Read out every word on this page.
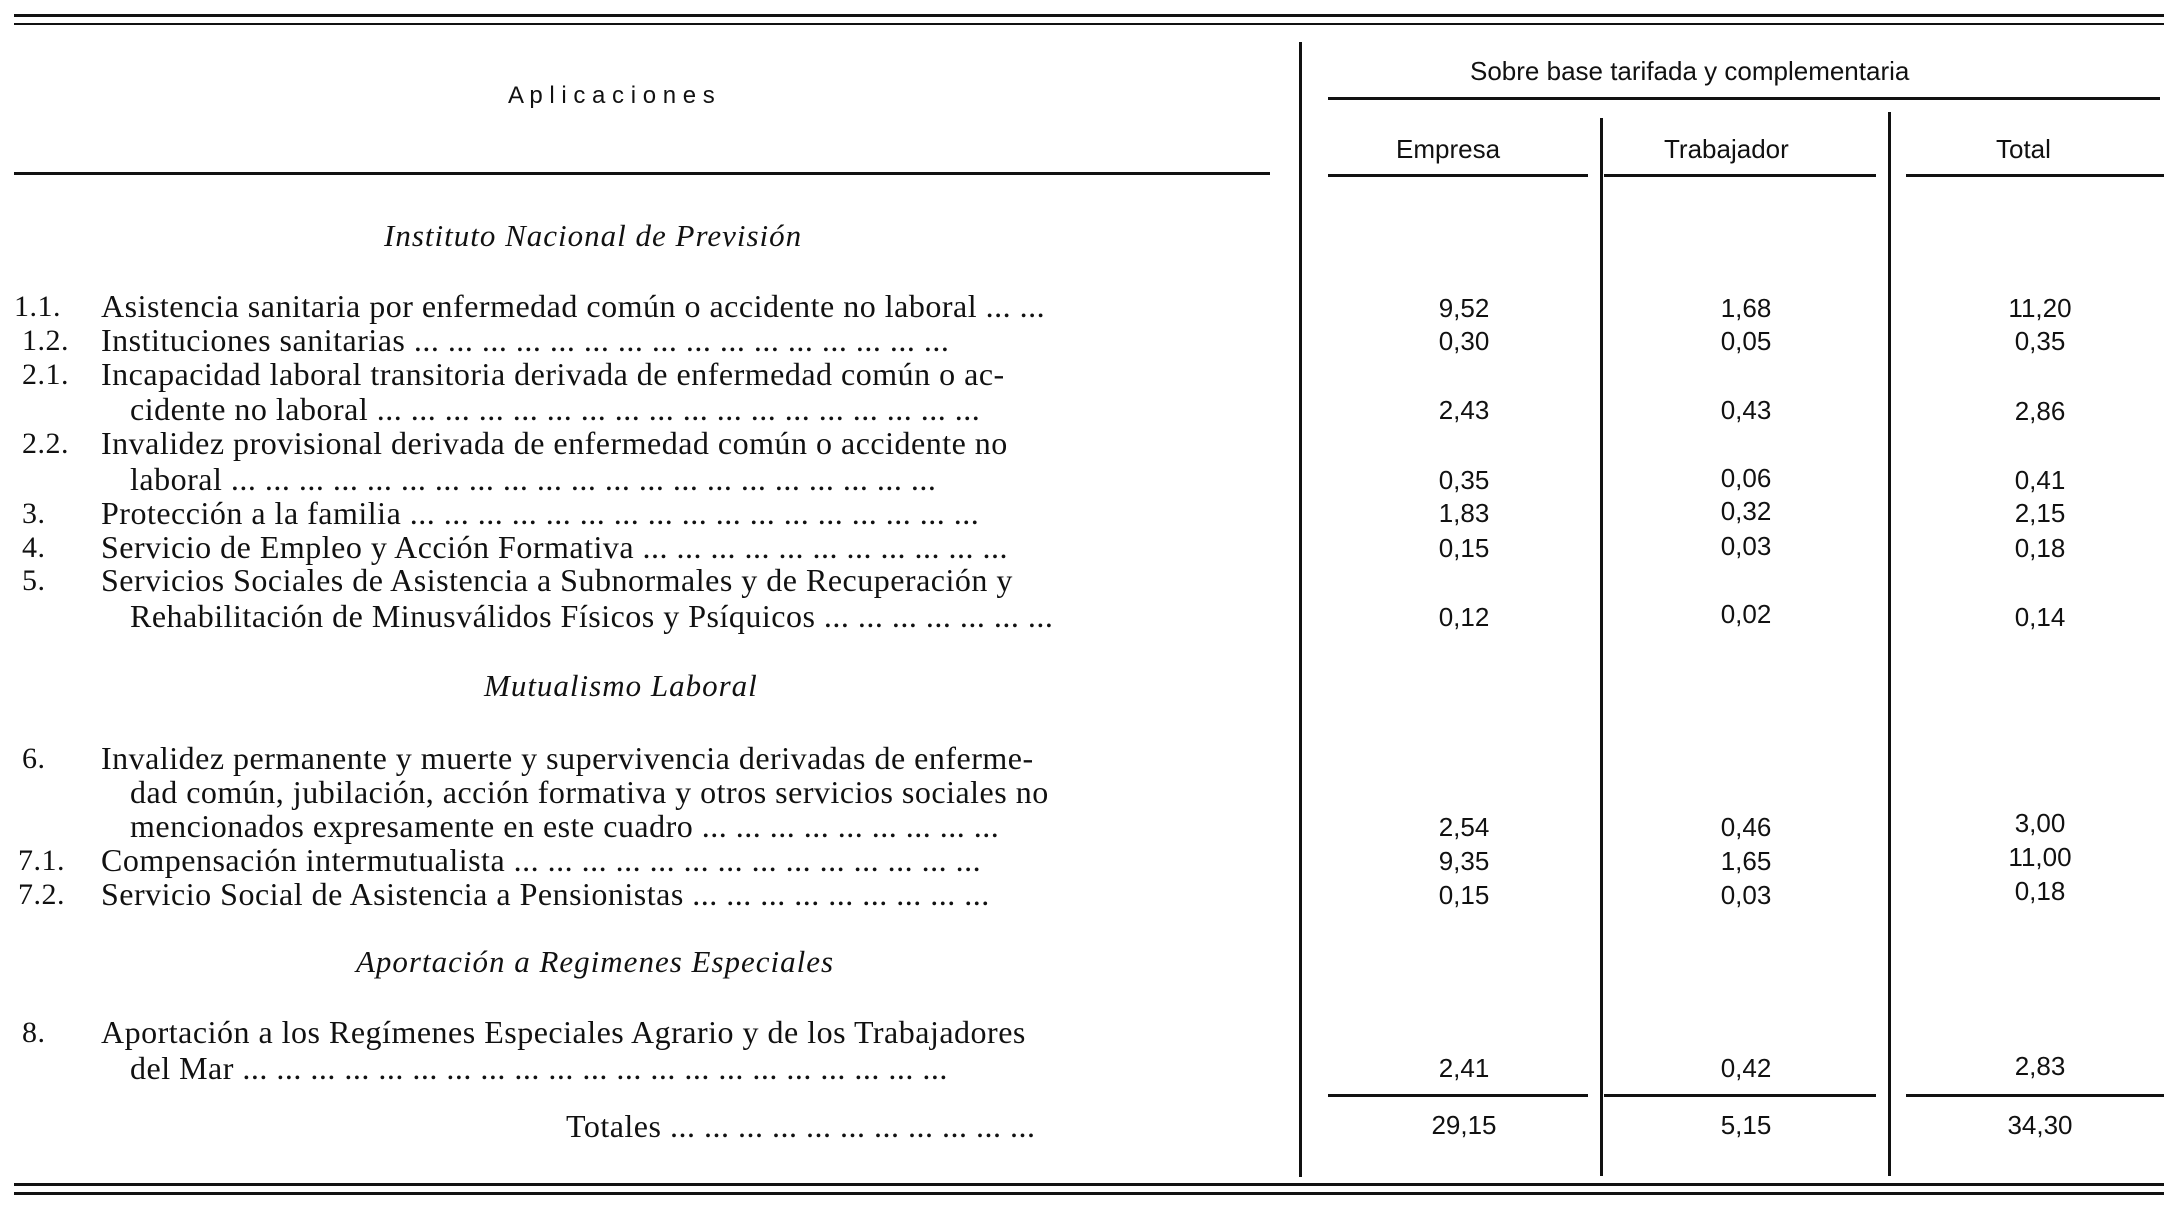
A p l i c a c i o n e s
Sobre base tarifada y complementaria
Empresa	Trabajador	Total
Instituto Nacional de Previsión
Mutualismo Laboral
Aportación a Regimenes Especiales
1.1. Asistencia sanitaria por enfermedad común o accidente no laboral ... ...	9,52	1,68	11,20
1.2. Instituciones sanitarias ... ... ... ... ... ... ... ... ... ... ... ... ... ... ... ...	0,30	0,05	0,35
2.1. Incapacidad laboral transitoria derivada de enfermedad común o ac-
cidente no laboral ... ... ... ... ... ... ... ... ... ... ... ... ... ... ... ... ... ...	2,43	0,43	2,86
2.2. Invalidez provisional derivada de enfermedad común o accidente no
laboral ... ... ... ... ... ... ... ... ... ... ... ... ... ... ... ... ... ... ... ... ...	0,35	0,06	0,41
3. Protección a la familia ... ... ... ... ... ... ... ... ... ... ... ... ... ... ... ... ...	1,83	0,32	2,15
4. Servicio de Empleo y Acción Formativa ... ... ... ... ... ... ... ... ... ... ...	0,15	0,03	0,18
5. Servicios Sociales de Asistencia a Subnormales y de Recuperación y
Rehabilitación de Minusválidos Físicos y Psíquicos ... ... ... ... ... ... ...	0,12	0,02	0,14
6. Invalidez permanente y muerte y supervivencia derivadas de enferme-
dad común, jubilación, acción formativa y otros servicios sociales no
mencionados expresamente en este cuadro ... ... ... ... ... ... ... ... ...	2,54	0,46	3,00
7.1. Compensación intermutualista ... ... ... ... ... ... ... ... ... ... ... ... ... ...	9,35	1,65	11,00
7.2. Servicio Social de Asistencia a Pensionistas ... ... ... ... ... ... ... ... ...	0,15	0,03	0,18
8. Aportación a los Regímenes Especiales Agrario y de los Trabajadores
del Mar ... ... ... ... ... ... ... ... ... ... ... ... ... ... ... ... ... ... ... ... ...	2,41	0,42	2,83
Totales ... ... ... ... ... ... ... ... ... ... ...	29,15	5,15	34,30
